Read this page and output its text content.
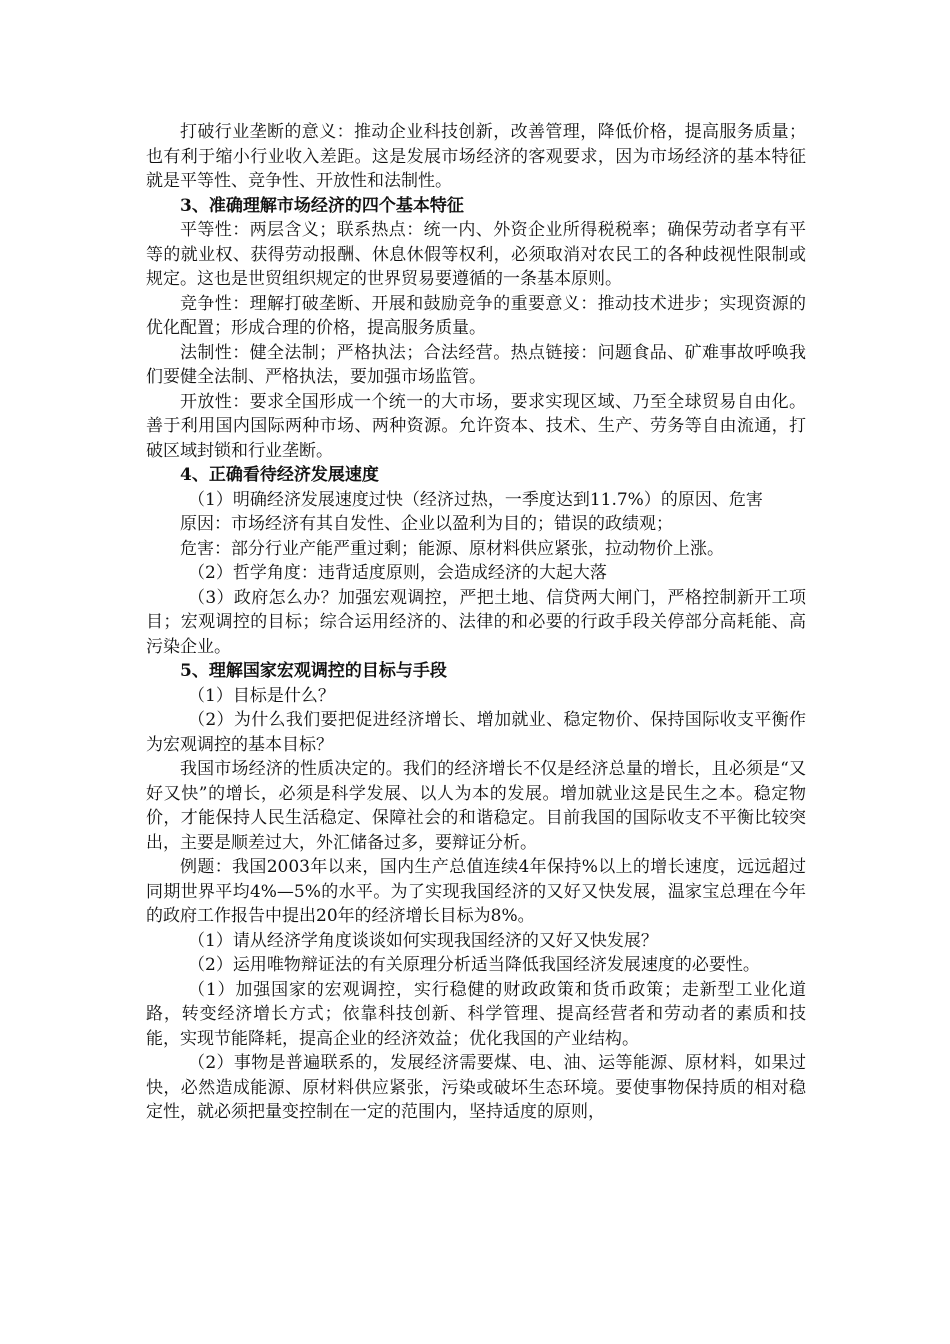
打破行业垄断的意义：推动企业科技创新，改善管理，降低价格，提高服务质量；也有利于缩小行业收入差距。这是发展市场经济的客观要求，因为市场经济的基本特征就是平等性、竞争性、开放性和法制性。

3、准确理解市场经济的四个基本特征

平等性：两层含义；联系热点：统一内、外资企业所得税税率；确保劳动者享有平等的就业权、获得劳动报酬、休息休假等权利，必须取消对农民工的各种歧视性限制或规定。这也是世贸组织规定的世界贸易要遵循的一条基本原则。

竞争性：理解打破垄断、开展和鼓励竞争的重要意义：推动技术进步；实现资源的优化配置；形成合理的价格，提高服务质量。

法制性：健全法制；严格执法；合法经营。热点链接：问题食品、矿难事故呼唤我们要健全法制、严格执法，要加强市场监管。

开放性：要求全国形成一个统一的大市场，要求实现区域、乃至全球贸易自由化。善于利用国内国际两种市场、两种资源。允许资本、技术、生产、劳务等自由流通，打破区域封锁和行业垄断。

4、正确看待经济发展速度

（1）明确经济发展速度过快（经济过热，一季度达到11.7%）的原因、危害

原因：市场经济有其自发性、企业以盈利为目的；错误的政绩观；

危害：部分行业产能严重过剩；能源、原材料供应紧张，拉动物价上涨。

（2）哲学角度：违背适度原则，会造成经济的大起大落

（3）政府怎么办？加强宏观调控，严把土地、信贷两大闸门，严格控制新开工项目；宏观调控的目标；综合运用经济的、法律的和必要的行政手段关停部分高耗能、高污染企业。

5、理解国家宏观调控的目标与手段

（1）目标是什么？

（2）为什么我们要把促进经济增长、增加就业、稳定物价、保持国际收支平衡作为宏观调控的基本目标？

我国市场经济的性质决定的。我们的经济增长不仅是经济总量的增长，且必须是“又好又快”的增长，必须是科学发展、以人为本的发展。增加就业这是民生之本。稳定物价，才能保持人民生活稳定、保障社会的和谐稳定。目前我国的国际收支不平衡比较突出，主要是顺差过大，外汇储备过多，要辩证分析。

例题：我国2003年以来，国内生产总值连续4年保持%以上的增长速度，远远超过同期世界平均4%—5%的水平。为了实现我国经济的又好又快发展，温家宝总理在今年的政府工作报告中提出20年的经济增长目标为8%。

（1）请从经济学角度谈谈如何实现我国经济的又好又快发展？

（2）运用唯物辩证法的有关原理分析适当降低我国经济发展速度的必要性。

（1）加强国家的宏观调控，实行稳健的财政政策和货币政策；走新型工业化道路，转变经济增长方式；依靠科技创新、科学管理、提高经营者和劳动者的素质和技能，实现节能降耗，提高企业的经济效益；优化我国的产业结构。

（2）事物是普遍联系的，发展经济需要煤、电、油、运等能源、原材料，如果过快，必然造成能源、原材料供应紧张，污染或破坏生态环境。要使事物保持质的相对稳定性，就必须把量变控制在一定的范围内，坚持适度的原则，
